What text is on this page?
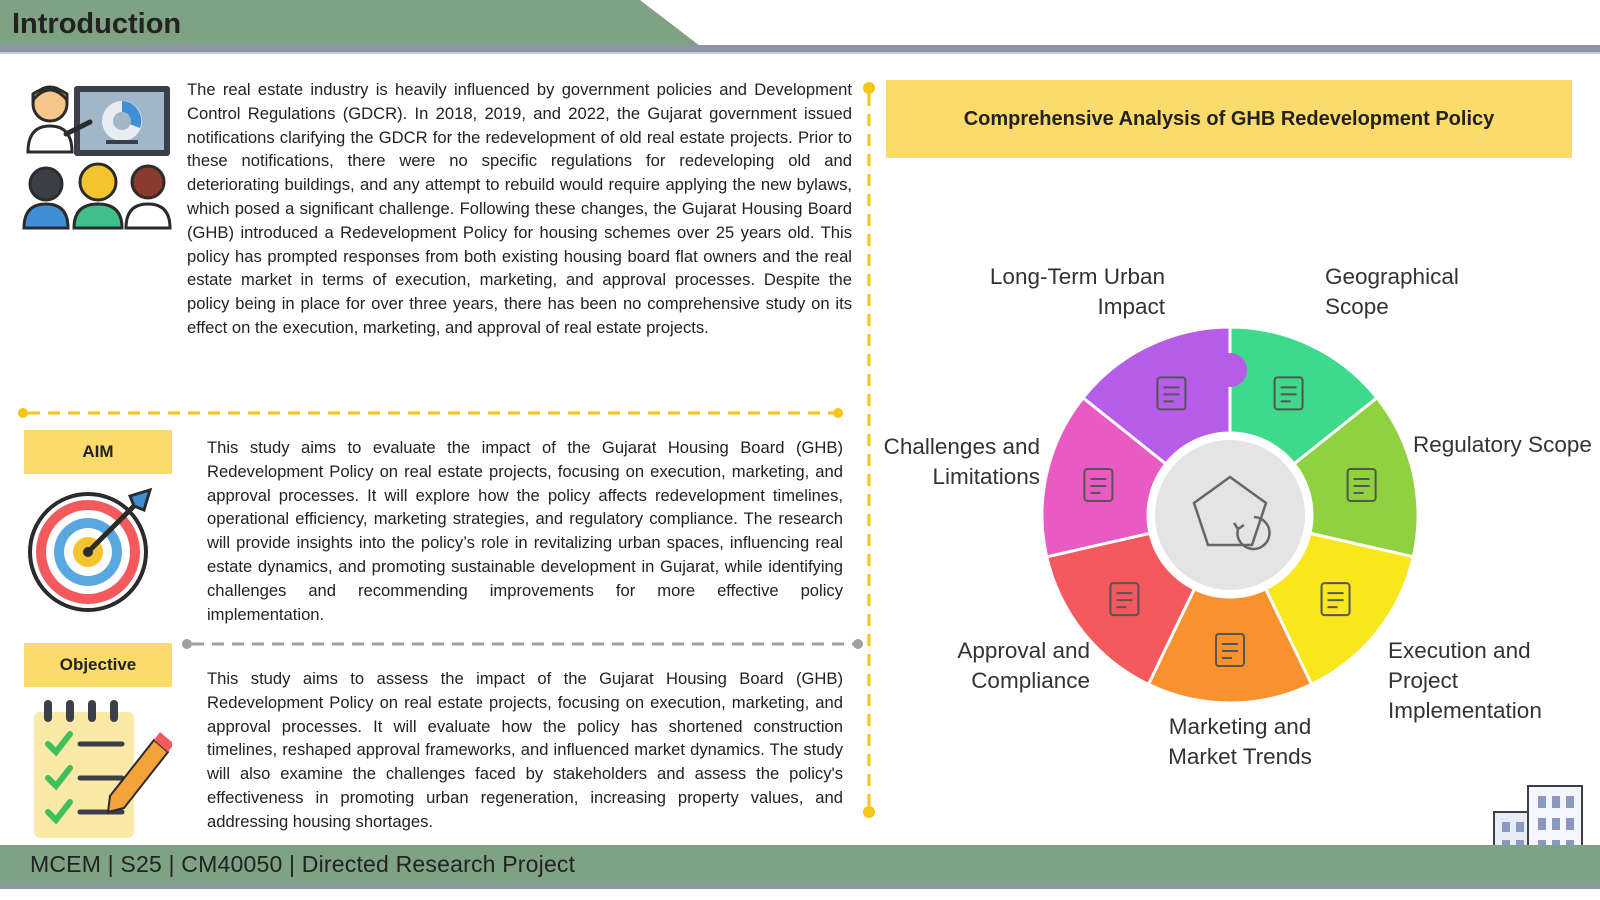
Introduction
The real estate industry is heavily influenced by government policies and Development Control Regulations (GDCR). In 2018, 2019, and 2022, the Gujarat government issued notifications clarifying the GDCR for the redevelopment of old real estate projects. Prior to these notifications, there were no specific regulations for redeveloping old and deteriorating buildings, and any attempt to rebuild would require applying the new bylaws, which posed a significant challenge. Following these changes, the Gujarat Housing Board (GHB) introduced a Redevelopment Policy for housing schemes over 25 years old. This policy has prompted responses from both existing housing board flat owners and the real estate market in terms of execution, marketing, and approval processes. Despite the policy being in place for over three years, there has been no comprehensive study on its effect on the execution, marketing, and approval of real estate projects.
AIM	This study aims to evaluate the impact of the Gujarat Housing Board (GHB) Redevelopment Policy on real estate projects, focusing on execution, marketing, and approval processes. It will explore how the policy affects redevelopment timelines, operational efficiency, marketing strategies, and regulatory compliance. The research will provide insights into the policy’s role in revitalizing urban spaces, influencing real estate dynamics, and promoting sustainable development in Gujarat, while identifying challenges and recommending improvements for more effective policy implementation.
Objective
This study aims to assess the impact of the Gujarat Housing Board (GHB) Redevelopment Policy on real estate projects, focusing on execution, marketing, and approval processes. It will evaluate how the policy has shortened construction timelines, reshaped approval frameworks, and influenced market dynamics. The study will also examine the challenges faced by stakeholders and assess the policy's effectiveness in promoting urban regeneration, increasing property values, and addressing housing shortages.
Comprehensive Analysis of GHB Redevelopment Policy
Long-Term Urban
Impact
Geographical
Scope
Regulatory Scope
Challenges and
Limitations
Approval and
Compliance
Execution and
Project
Implementation
Marketing and
Market Trends
MCEM | S25 | CM40050 | Directed Research Project
